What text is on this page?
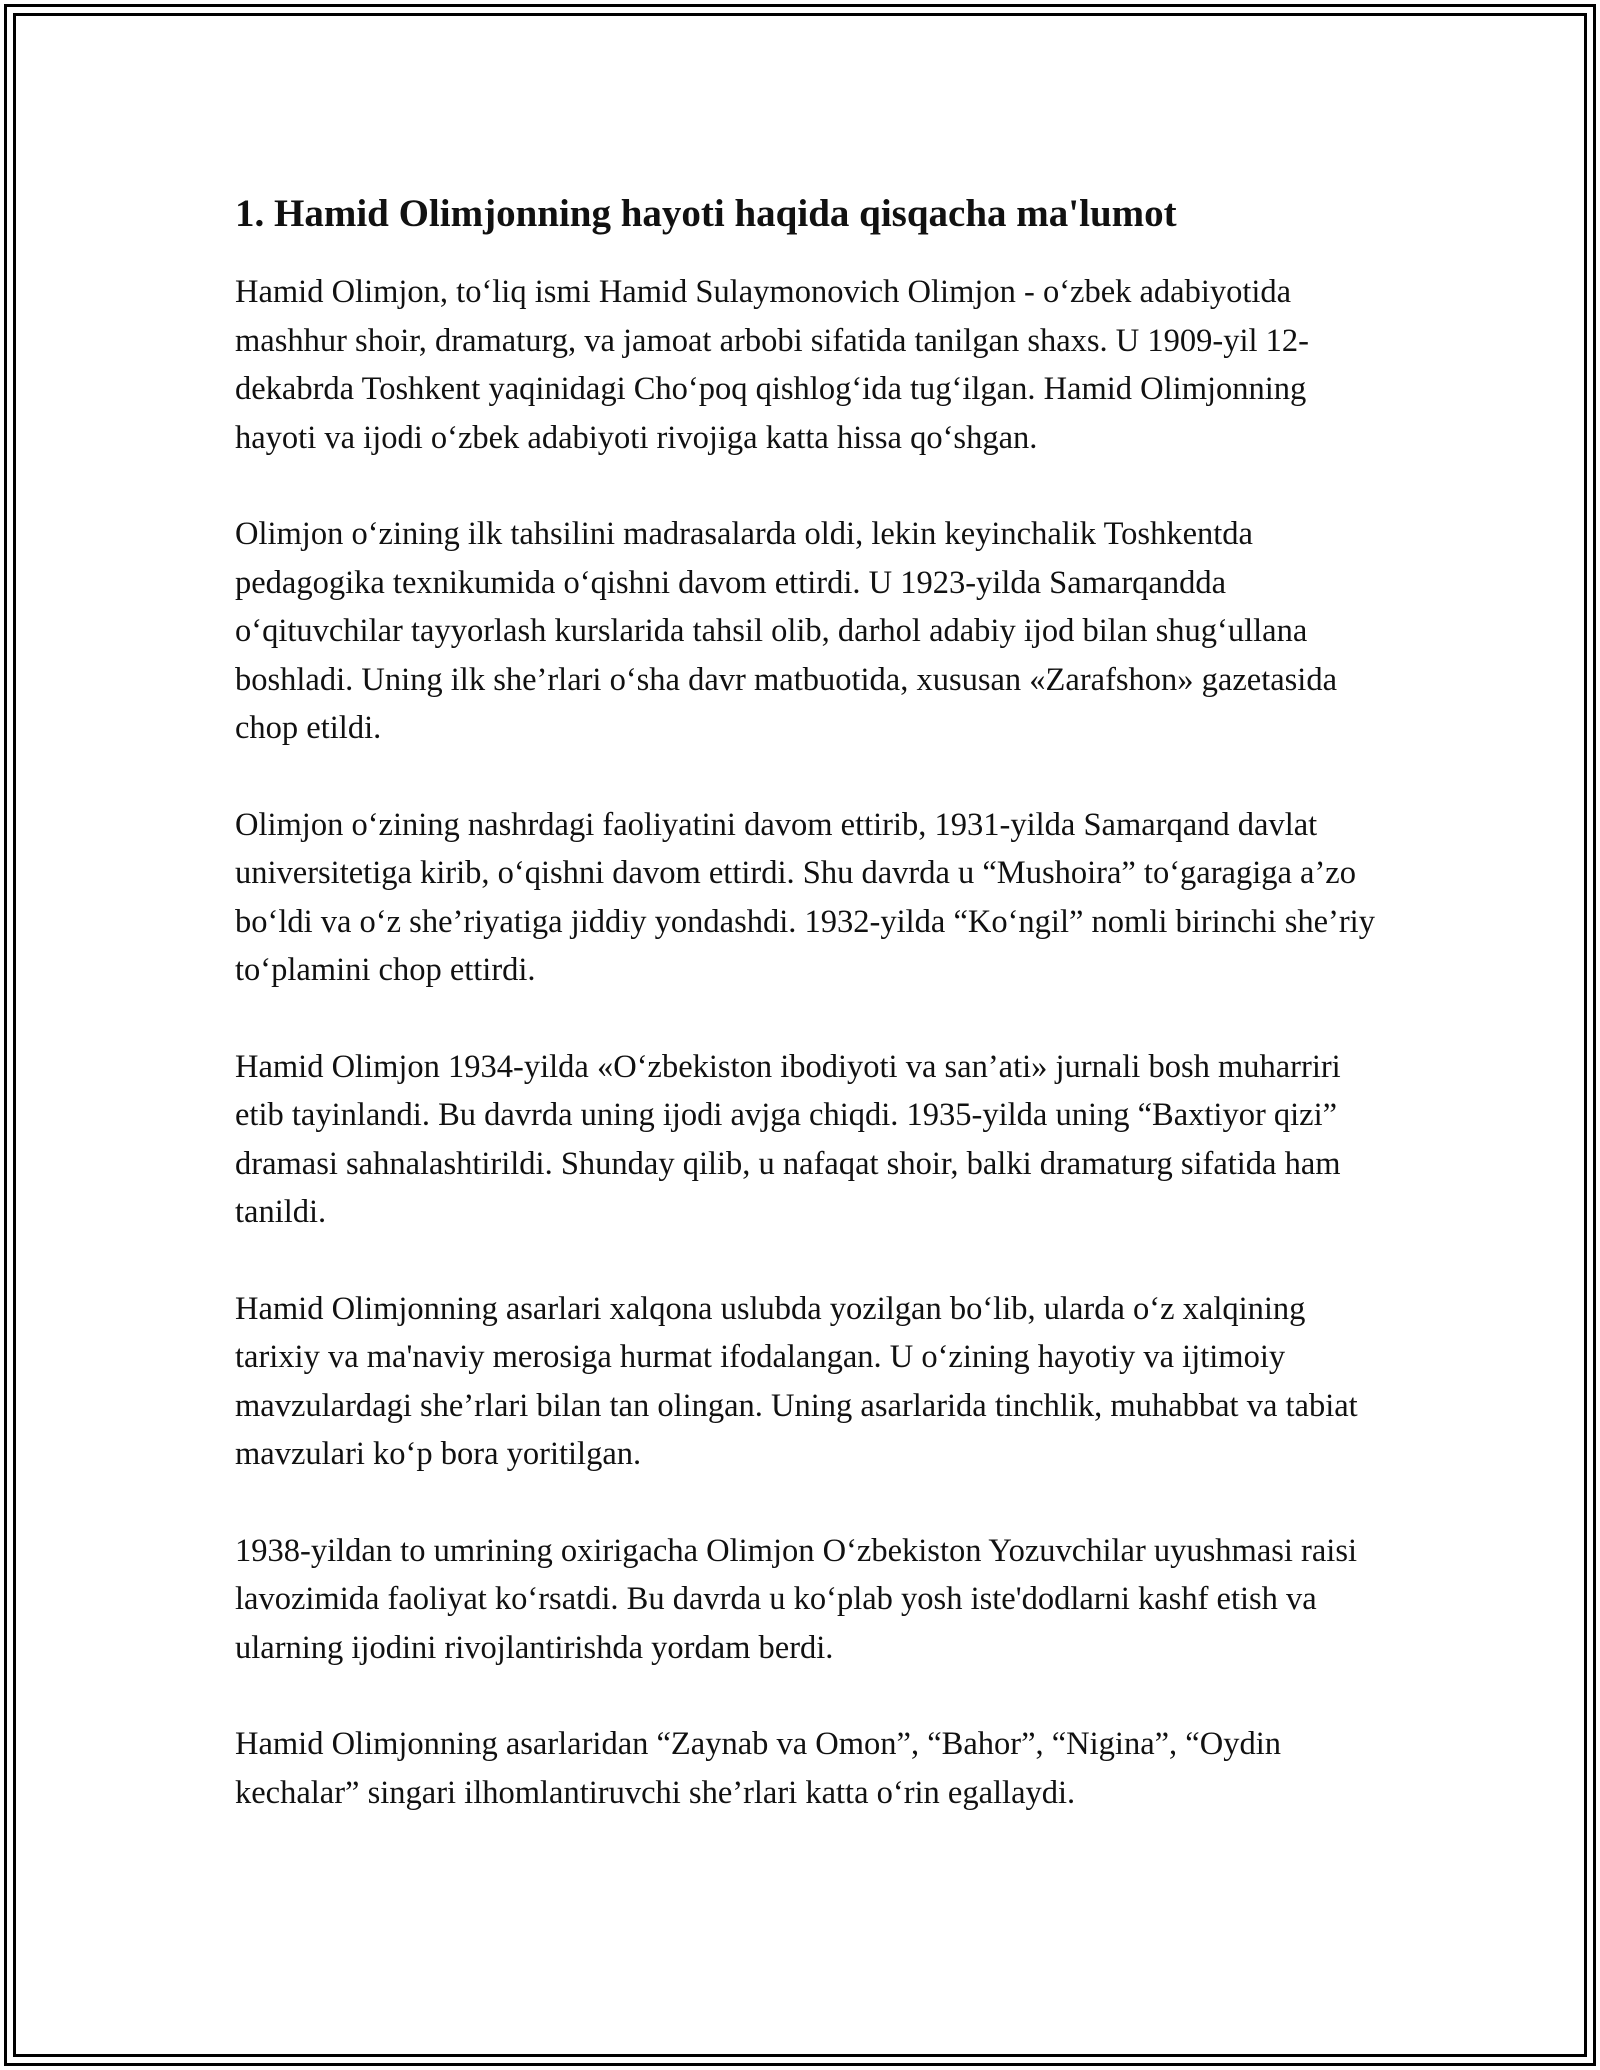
1. Hamid Olimjonning hayoti haqida qisqacha ma'lumot

Hamid Olimjon, to‘liq ismi Hamid Sulaymonovich Olimjon - o‘zbek adabiyotida mashhur shoir, dramaturg, va jamoat arbobi sifatida tanilgan shaxs. U 1909-yil 12-dekabrda Toshkent yaqinidagi Cho‘poq qishlog‘ida tug‘ilgan. Hamid Olimjonning hayoti va ijodi o‘zbek adabiyoti rivojiga katta hissa qo‘shgan.

Olimjon o‘zining ilk tahsilini madrasalarda oldi, lekin keyinchalik Toshkentda pedagogika texnikumida o‘qishni davom ettirdi. U 1923-yilda Samarqandda o‘qituvchilar tayyorlash kurslarida tahsil olib, darhol adabiy ijod bilan shug‘ullana boshladi. Uning ilk she’rlari o‘sha davr matbuotida, xususan «Zarafshon» gazetasida chop etildi.

Olimjon o‘zining nashrdagi faoliyatini davom ettirib, 1931-yilda Samarqand davlat universitetiga kirib, o‘qishni davom ettirdi. Shu davrda u “Mushoira” to‘garagiga a’zo bo‘ldi va o‘z she’riyatiga jiddiy yondashdi. 1932-yilda “Ko‘ngil” nomli birinchi she’riy to‘plamini chop ettirdi.

Hamid Olimjon 1934-yilda «O‘zbekiston ibodiyoti va san’ati» jurnali bosh muharriri etib tayinlandi. Bu davrda uning ijodi avjga chiqdi. 1935-yilda uning “Baxtiyor qizi” dramasi sahnalashtirildi. Shunday qilib, u nafaqat shoir, balki dramaturg sifatida ham tanildi.

Hamid Olimjonning asarlari xalqona uslubda yozilgan bo‘lib, ularda o‘z xalqining tarixiy va ma'naviy merosiga hurmat ifodalangan. U o‘zining hayotiy va ijtimoiy mavzulardagi she’rlari bilan tan olingan. Uning asarlarida tinchlik, muhabbat va tabiat mavzulari ko‘p bora yoritilgan.

1938-yildan to umrining oxirigacha Olimjon O‘zbekiston Yozuvchilar uyushmasi raisi lavozimida faoliyat ko‘rsatdi. Bu davrda u ko‘plab yosh iste'dodlarni kashf etish va ularning ijodini rivojlantirishda yordam berdi.

Hamid Olimjonning asarlaridan “Zaynab va Omon”, “Bahor”, “Nigina”, “Oydin kechalar” singari ilhomlantiruvchi she’rlari katta o‘rin egallaydi.
